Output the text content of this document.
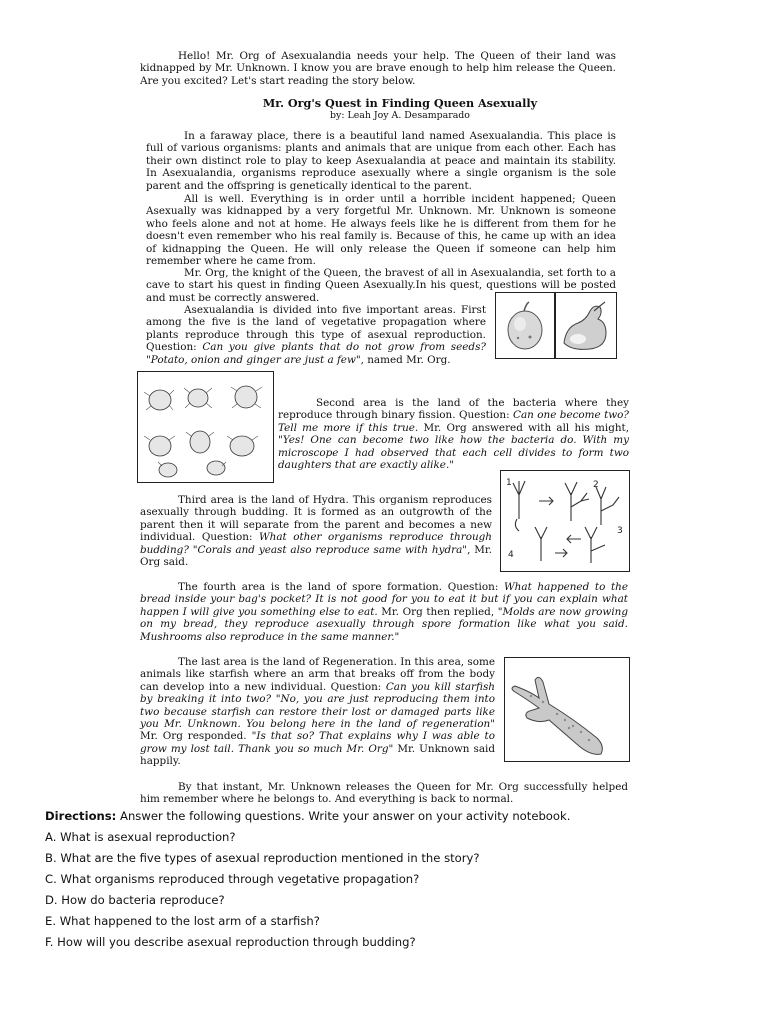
Hello! Mr. Org of Asexualandia needs your help. The Queen of their land was kidnapped by Mr. Unknown. I know you are brave enough to help him release the Queen. Are you excited? Let's start reading the story below.
Mr. Org's Quest in Finding Queen Asexually
by: Leah Joy A. Desamparado
In a faraway place, there is a beautiful land named Asexualandia. This place is full of various organisms: plants and animals that are unique from each other. Each has their own distinct role to play to keep Asexualandia at peace and maintain its stability. In Asexualandia, organisms reproduce asexually where a single organism is the sole parent and the offspring is genetically identical to the parent.
All is well. Everything is in order until a horrible incident happened; Queen Asexually was kidnapped by a very forgetful Mr. Unknown. Mr. Unknown is someone who feels alone and not at home. He always feels like he is different from them for he doesn't even remember who his real family is. Because of this, he came up with an idea of kidnapping the Queen. He will only release the Queen if someone can help him remember where he came from.
Mr. Org, the knight of the Queen, the bravest of all in Asexualandia, set forth to a cave to start his quest in finding Queen Asexually.In his quest, questions will be posted and must be correctly answered.
Asexualandia is divided into five important areas. First among the five is the land of vegetative propagation where plants reproduce through this type of asexual reproduction. Question: Can you give plants that do not grow from seeds? "Potato, onion and ginger are just a few", named Mr. Org.
Second area is the land of the bacteria where they reproduce through binary fission. Question: Can one become two? Tell me more if this true. Mr. Org answered with all his might, "Yes! One can become two like how the bacteria do. With my microscope I had observed that each cell divides to form two daughters that are exactly alike."
Third area is the land of Hydra. This organism reproduces asexually through budding. It is formed as an outgrowth of the parent then it will separate from the parent and becomes a new individual. Question: What other organisms reproduce through budding? "Corals and yeast also reproduce same with hydra", Mr. Org said.
1	2
3
4
The fourth area is the land of spore formation. Question: What happened to the bread inside your bag's pocket? It is not good for you to eat it but if you can explain what happen I will give you something else to eat. Mr. Org then replied, "Molds are now growing on my bread, they reproduce asexually through spore formation like what you said. Mushrooms also reproduce in the same manner."
The last area is the land of Regeneration. In this area, some animals like starfish where an arm that breaks off from the body can develop into a new individual. Question: Can you kill starfish by breaking it into two? "No, you are just reproducing them into two because starfish can restore their lost or damaged parts like you Mr. Unknown. You belong here in the land of regeneration" Mr. Org responded. "Is that so? That explains why I was able to grow my lost tail. Thank you so much Mr. Org" Mr. Unknown said happily.
By that instant, Mr. Unknown releases the Queen for Mr. Org successfully helped him remember where he belongs to. And everything is back to normal.
Directions: Answer the following questions. Write your answer on your activity notebook.
A. What is asexual reproduction?
B. What are the five types of asexual reproduction mentioned in the story?
C. What organisms reproduced through vegetative propagation?
D. How do bacteria reproduce?
E. What happened to the lost arm of a starfish?
F. How will you describe asexual reproduction through budding?
